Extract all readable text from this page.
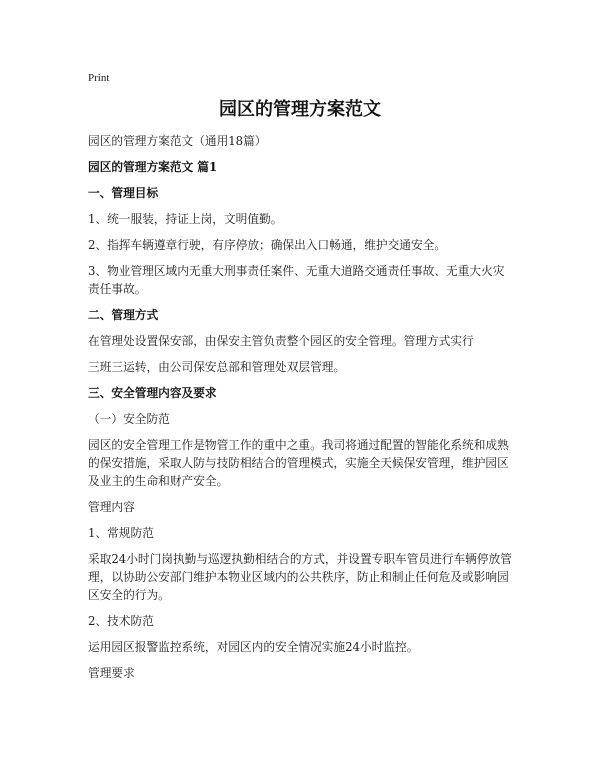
Print
园区的管理方案范文

园区的管理方案范文（通用18篇）

园区的管理方案范文 篇1

一、管理目标

1、统一服装，持证上岗，文明值勤。

2、指挥车辆遵章行驶，有序停放；确保出入口畅通，维护交通安全。

3、物业管理区域内无重大刑事责任案件、无重大道路交通责任事故、无重大火灾责任事故。

二、管理方式

在管理处设置保安部，由保安主管负责整个园区的安全管理。管理方式实行

三班三运转，由公司保安总部和管理处双层管理。

三、安全管理内容及要求

（一）安全防范

园区的安全管理工作是物管工作的重中之重。我司将通过配置的智能化系统和成熟的保安措施，采取人防与技防相结合的管理模式，实施全天候保安管理，维护园区及业主的生命和财产安全。

管理内容

1、常规防范

采取24小时门岗执勤与巡逻执勤相结合的方式，并设置专职车管员进行车辆停放管理，以协助公安部门维护本物业区域内的公共秩序，防止和制止任何危及或影响园区安全的行为。

2、技术防范

运用园区报警监控系统，对园区内的安全情况实施24小时监控。

管理要求
